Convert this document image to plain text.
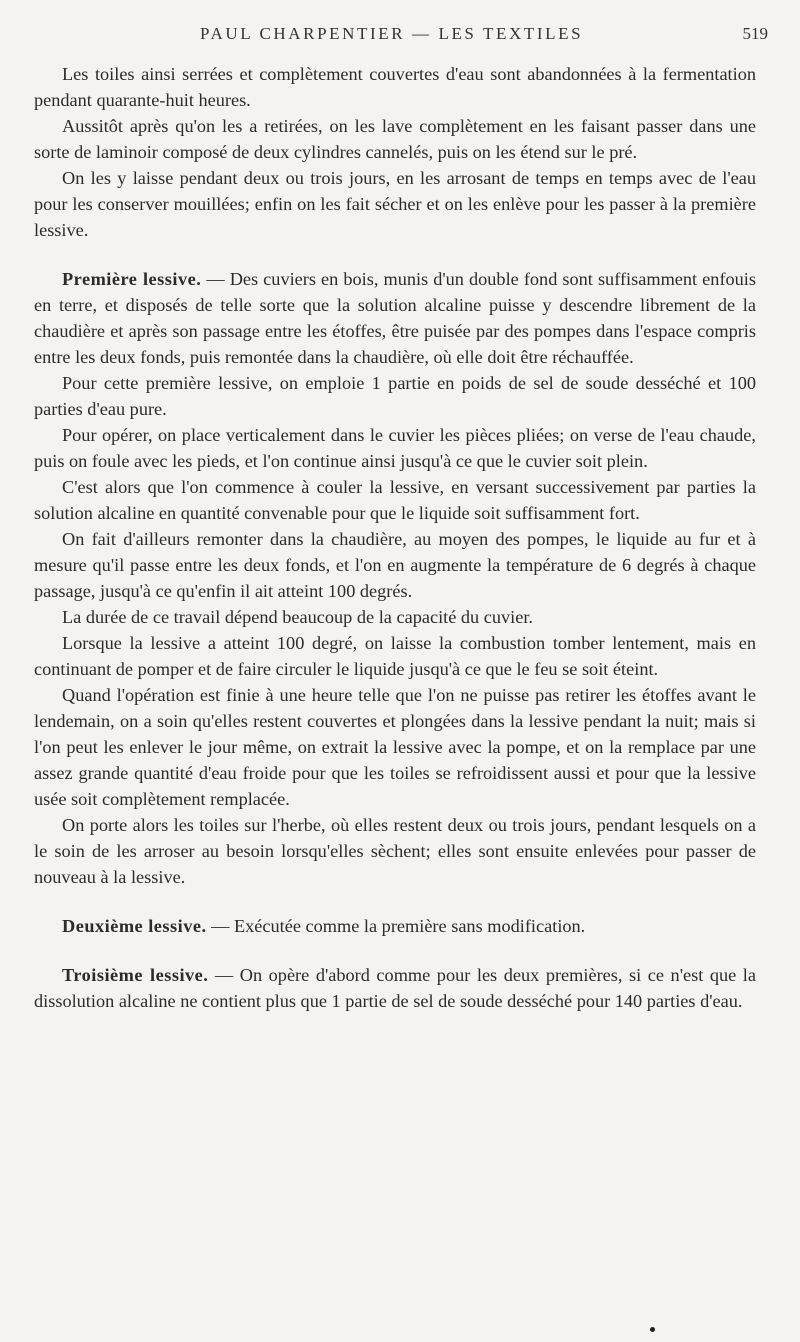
PAUL CHARPENTIER — LES TEXTILES	519

Les toiles ainsi serrées et complètement couvertes d'eau sont abandonnées à la fermentation pendant quarante-huit heures.

Aussitôt après qu'on les a retirées, on les lave complètement en les faisant passer dans une sorte de laminoir composé de deux cylindres cannelés, puis on les étend sur le pré.

On les y laisse pendant deux ou trois jours, en les arrosant de temps en temps avec de l'eau pour les conserver mouillées; enfin on les fait sécher et on les enlève pour les passer à la première lessive.

Première lessive. — Des cuviers en bois, munis d'un double fond sont suffisamment enfouis en terre, et disposés de telle sorte que la solution alcaline puisse y descendre librement de la chaudière et après son passage entre les étoffes, être puisée par des pompes dans l'espace compris entre les deux fonds, puis remontée dans la chaudière, où elle doit être réchauffée.

Pour cette première lessive, on emploie 1 partie en poids de sel de soude desséché et 100 parties d'eau pure.

Pour opérer, on place verticalement dans le cuvier les pièces pliées; on verse de l'eau chaude, puis on foule avec les pieds, et l'on continue ainsi jusqu'à ce que le cuvier soit plein.

C'est alors que l'on commence à couler la lessive, en versant successivement par parties la solution alcaline en quantité convenable pour que le liquide soit suffisamment fort.

On fait d'ailleurs remonter dans la chaudière, au moyen des pompes, le liquide au fur et à mesure qu'il passe entre les deux fonds, et l'on en augmente la température de 6 degrés à chaque passage, jusqu'à ce qu'enfin il ait atteint 100 degrés.

La durée de ce travail dépend beaucoup de la capacité du cuvier.

Lorsque la lessive a atteint 100 degré, on laisse la combustion tomber lentement, mais en continuant de pomper et de faire circuler le liquide jusqu'à ce que le feu se soit éteint.

Quand l'opération est finie à une heure telle que l'on ne puisse pas retirer les étoffes avant le lendemain, on a soin qu'elles restent couvertes et plongées dans la lessive pendant la nuit; mais si l'on peut les enlever le jour même, on extrait la lessive avec la pompe, et on la remplace par une assez grande quantité d'eau froide pour que les toiles se refroidissent aussi et pour que la lessive usée soit complètement remplacée.

On porte alors les toiles sur l'herbe, où elles restent deux ou trois jours, pendant lesquels on a le soin de les arroser au besoin lorsqu'elles sèchent; elles sont ensuite enlevées pour passer de nouveau à la lessive.

Deuxième lessive. — Exécutée comme la première sans modification.

Troisième lessive. — On opère d'abord comme pour les deux premières, si ce n'est que la dissolution alcaline ne contient plus que 1 partie de sel de soude desséché pour 140 parties d'eau.
